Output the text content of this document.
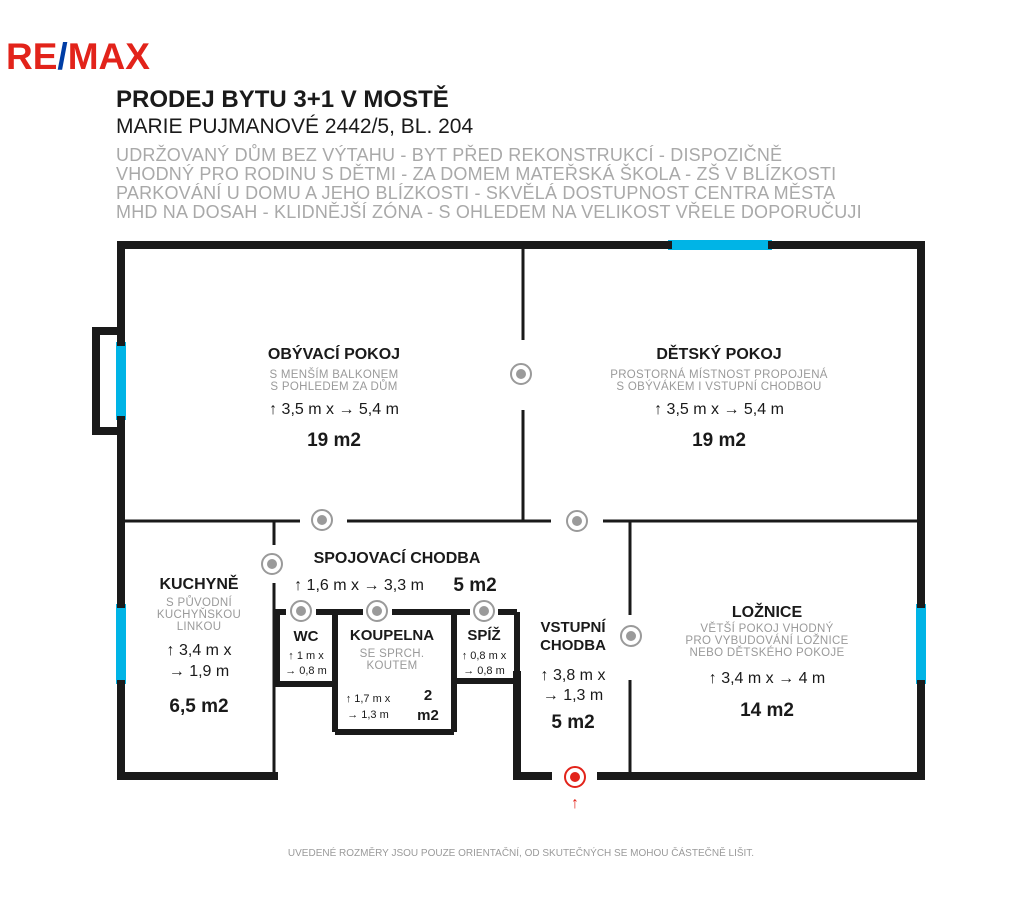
RE/MAX
PRODEJ BYTU 3+1 V MOSTĚ
MARIE PUJMANOVÉ 2442/5, BL. 204
UDRŽOVANÝ DŮM BEZ VÝTAHU - BYT PŘED REKONSTRUKCÍ - DISPOZIČNĚ
VHODNÝ PRO RODINU S DĚTMI - ZA DOMEM MATEŘSKÁ ŠKOLA - ZŠ V BLÍZKOSTI
PARKOVÁNÍ U DOMU A JEHO BLÍZKOSTI - SKVĚLÁ DOSTUPNOST CENTRA MĚSTA
MHD NA DOSAH - KLIDNĚJŠÍ ZÓNA - S OHLEDEM NA VELIKOST VŘELE DOPORUČUJI
↑
OBÝVACÍ POKOJ
S MENŠÍM BALKONEM
S POHLEDEM ZA DŮM
↑ 3,5 m x → 5,4 m
19 m2
DĚTSKÝ POKOJ
PROSTORNÁ MÍSTNOST PROPOJENÁ
S OBÝVÁKEM I VSTUPNÍ CHODBOU
↑ 3,5 m x → 5,4 m
19 m2
SPOJOVACÍ CHODBA
↑ 1,6 m x → 3,3 m 5 m2
KUCHYNĚ
S PŮVODNÍ
KUCHYŇSKOU
LINKOU
↑ 3,4 m x
→ 1,9 m
6,5 m2
WC
↑ 1 m x
→ 0,8 m
KOUPELNA
SE SPRCH.
KOUTEM
↑ 1,7 m x
→ 1,3 m
2
m2
SPÍŽ
↑ 0,8 m x
→ 0,8 m
VSTUPNÍ
CHODBA
↑ 3,8 m x
→ 1,3 m
5 m2
LOŽNICE
VĚTŠÍ POKOJ VHODNÝ
PRO VYBUDOVÁNÍ LOŽNICE
NEBO DĚTSKÉHO POKOJE
↑ 3,4 m x → 4 m
14 m2
UVEDENÉ ROZMĚRY JSOU POUZE ORIENTAČNÍ, OD SKUTEČNÝCH SE MOHOU ČÁSTEČNĚ LIŠIT.
